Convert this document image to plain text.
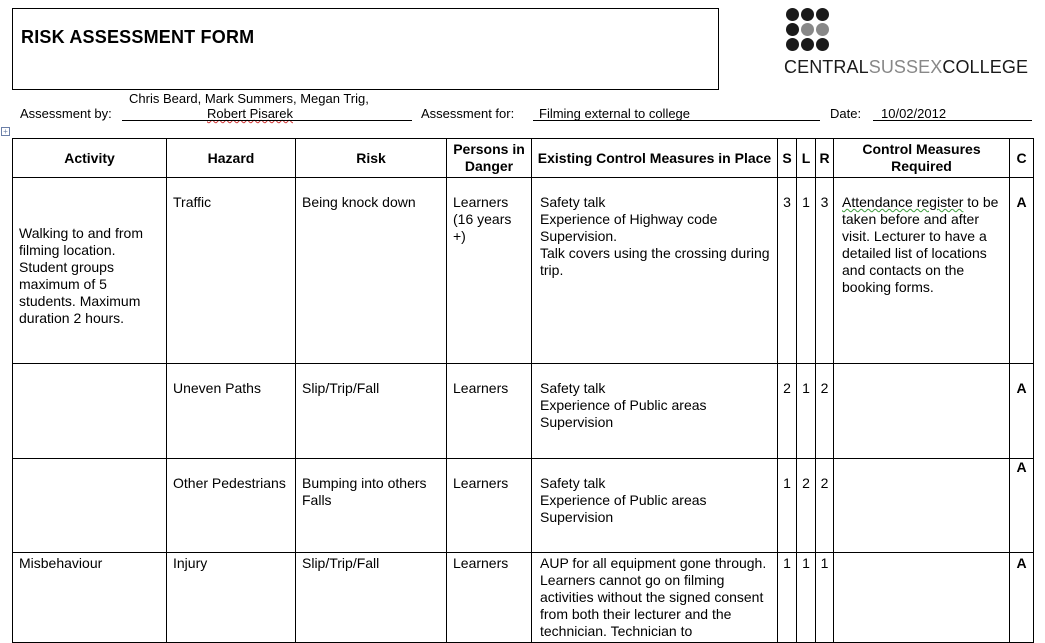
RISK ASSESSMENT FORM
CENTRALSUSSEXCOLLEGE
Assessment by:
Chris Beard, Mark Summers, Megan Trig,
Robert Pisarek	Assessment for: Filming external to college	Date: 10/02/2012
+
Activity	Hazard	Risk	Persons in Danger	Existing Control Measures in Place	S	L	R	Control Measures Required	C

Walking to and from filming location. Student groups maximum of 5 students. Maximum duration 2 hours.	Traffic	Being knock down	Learners (16 years +)	Safety talk
Experience of Highway code
Supervision.
Talk covers using the crossing during trip.	3	1	3	Attendance register to be taken before and after visit. Lecturer to have a detailed list of locations and contacts on the booking forms.	A

	Uneven Paths	Slip/Trip/Fall	Learners	Safety talk
Experience of Public areas
Supervision	2	1	2		A

	Other Pedestrians	Bumping into others
Falls	Learners	Safety talk
Experience of Public areas
Supervision	1	2	2		A

Misbehaviour	Injury	Slip/Trip/Fall	Learners	AUP for all equipment gone through. Learners cannot go on filming activities without the signed consent from both their lecturer and the technician. Technician to	1	1	1		A
